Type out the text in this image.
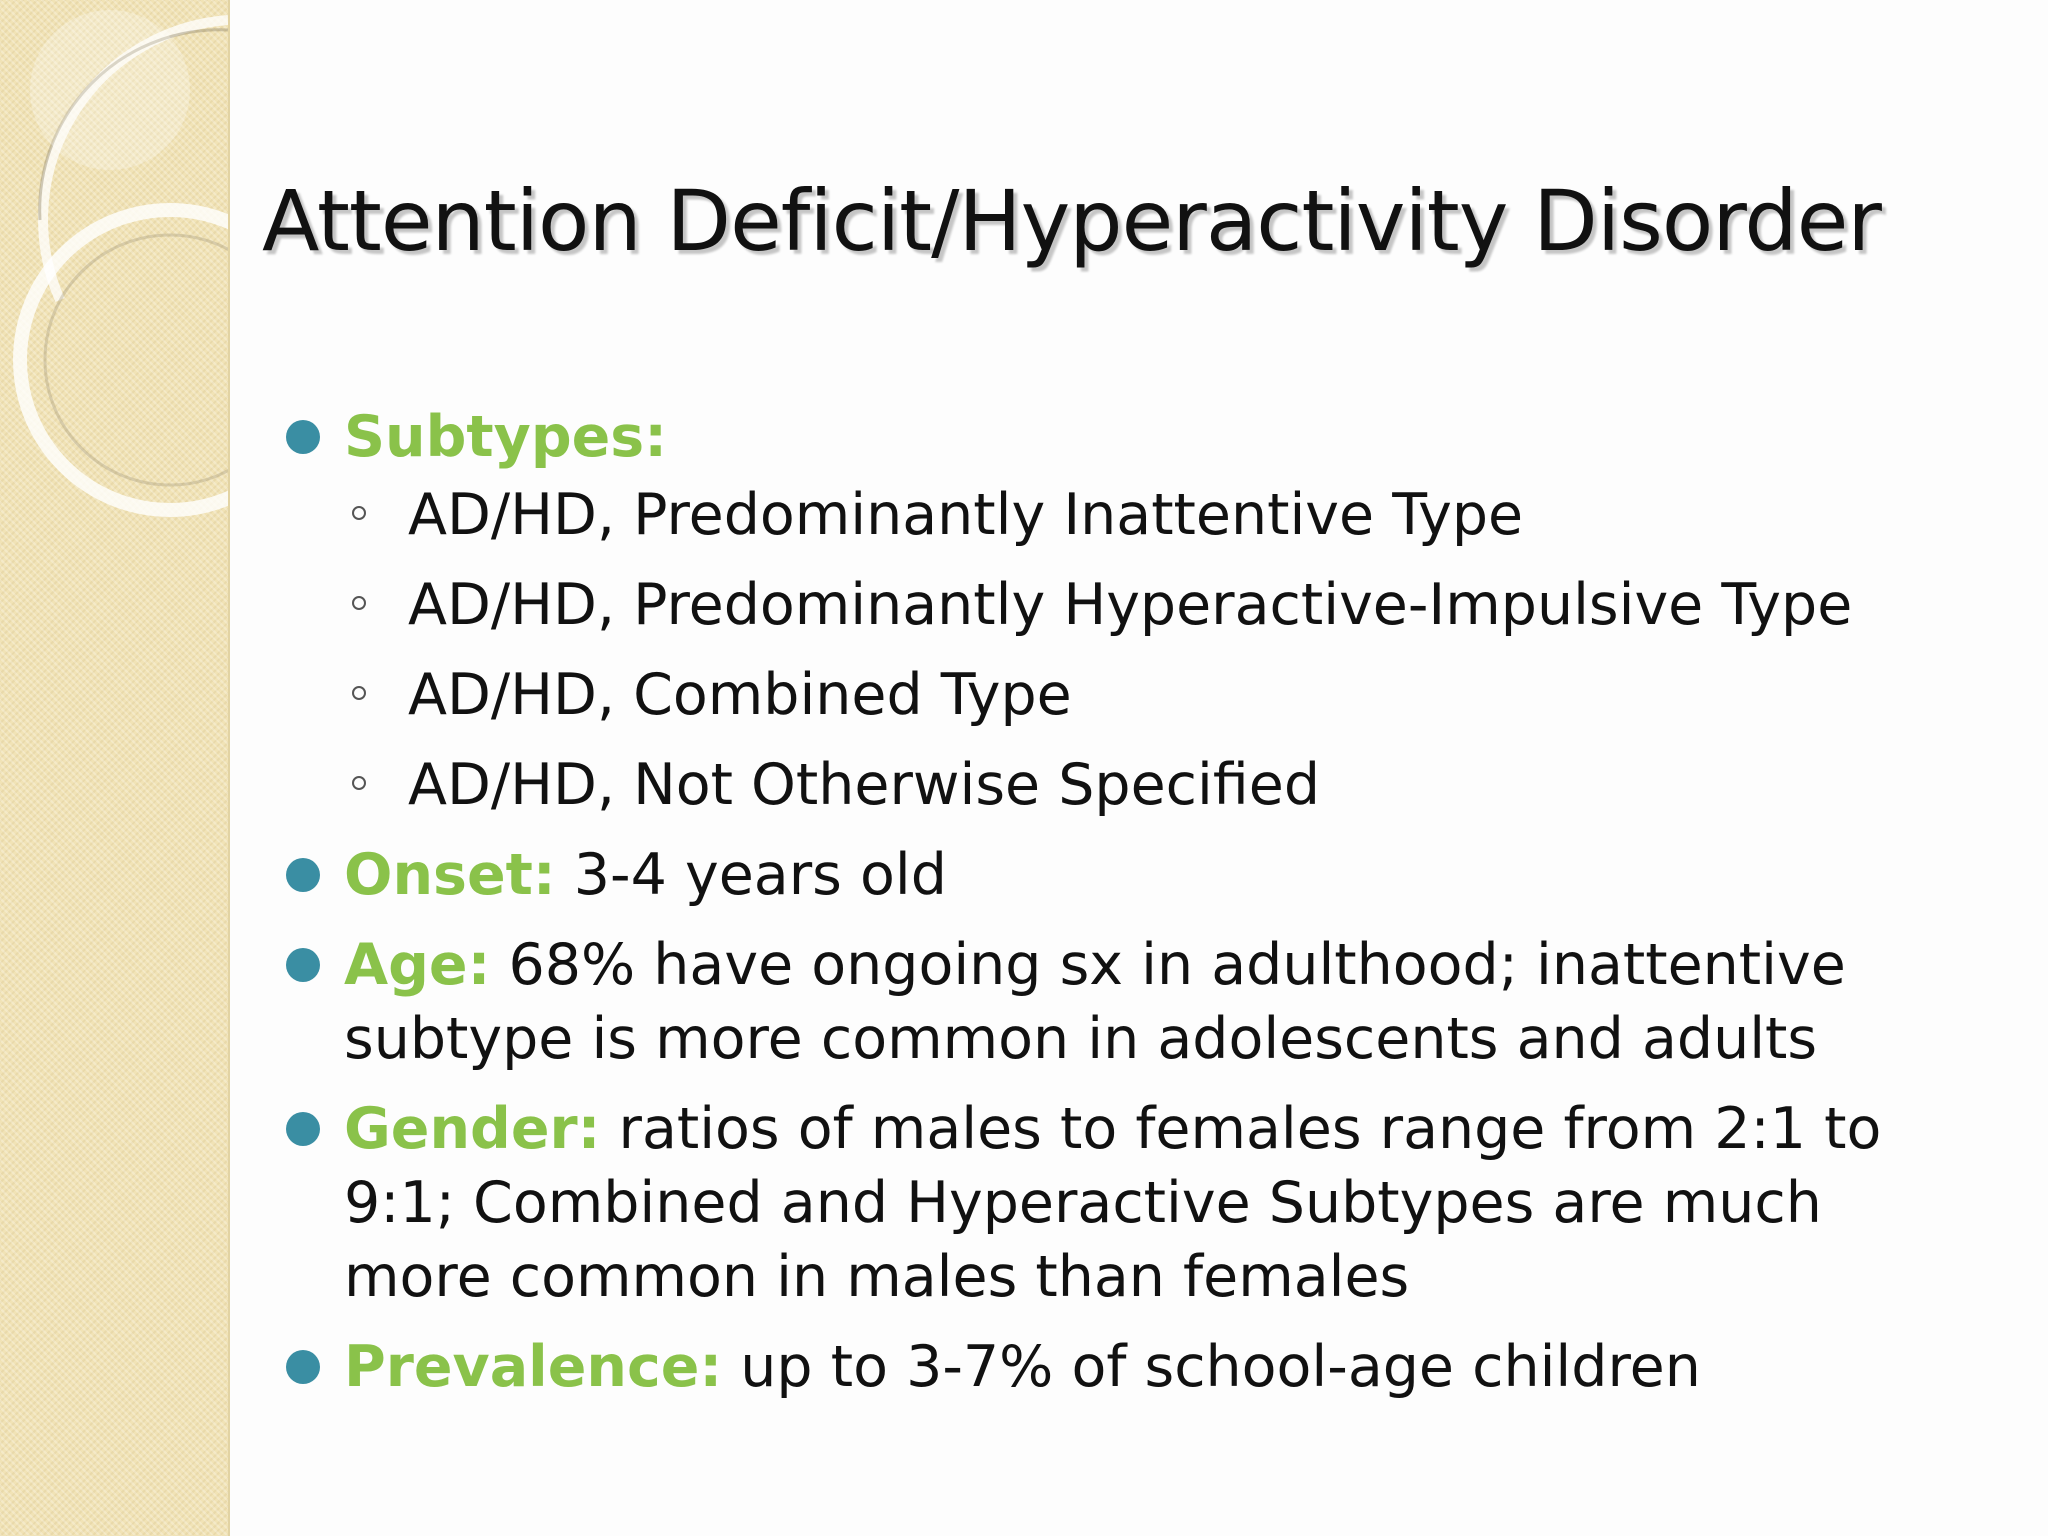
Attention Deficit/Hyperactivity Disorder
Subtypes:
AD/HD, Predominantly Inattentive Type
AD/HD, Predominantly Hyperactive-Impulsive Type
AD/HD, Combined Type
AD/HD, Not Otherwise Specified
Onset: 3-4 years old
Age: 68% have ongoing sx in adulthood; inattentive subtype is more common in adolescents and adults
Gender: ratios of males to females range from 2:1 to 9:1; Combined and Hyperactive Subtypes are much more common in males than females
Prevalence: up to 3-7% of school-age children
